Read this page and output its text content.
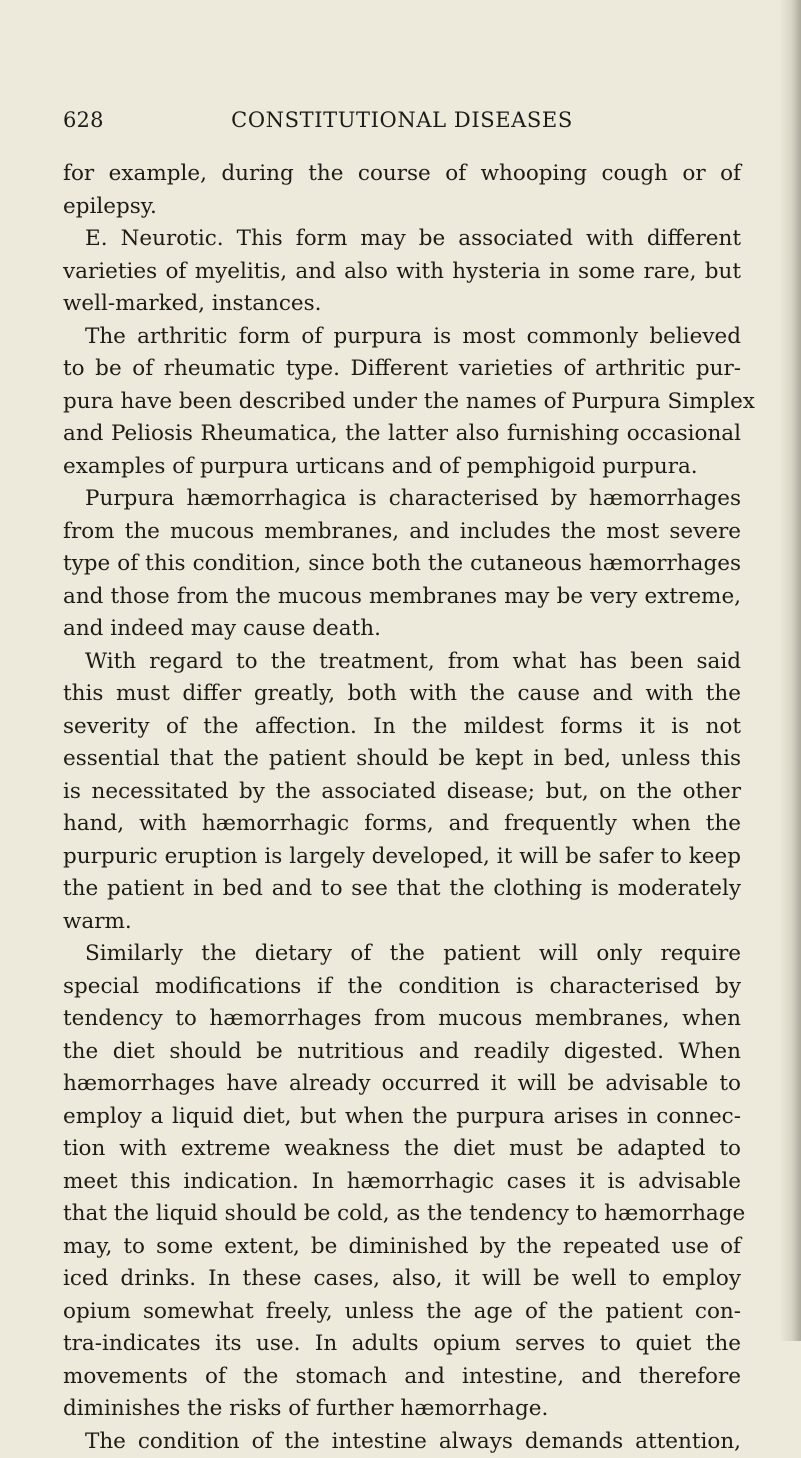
628	CONSTITUTIONAL DISEASES
for example, during the course of whooping cough or of
epilepsy.
E. Neurotic. This form may be associated with different
varieties of myelitis, and also with hysteria in some rare, but
well-marked, instances.
The arthritic form of purpura is most commonly believed
to be of rheumatic type. Different varieties of arthritic pur-
pura have been described under the names of Purpura Simplex
and Peliosis Rheumatica, the latter also furnishing occasional
examples of purpura urticans and of pemphigoid purpura.
Purpura hæmorrhagica is characterised by hæmorrhages
from the mucous membranes, and includes the most severe
type of this condition, since both the cutaneous hæmorrhages
and those from the mucous membranes may be very extreme,
and indeed may cause death.
With regard to the treatment, from what has been said
this must differ greatly, both with the cause and with the
severity of the affection. In the mildest forms it is not
essential that the patient should be kept in bed, unless this
is necessitated by the associated disease; but, on the other
hand, with hæmorrhagic forms, and frequently when the
purpuric eruption is largely developed, it will be safer to keep
the patient in bed and to see that the clothing is moderately
warm.
Similarly the dietary of the patient will only require
special modifications if the condition is characterised by
tendency to hæmorrhages from mucous membranes, when
the diet should be nutritious and readily digested. When
hæmorrhages have already occurred it will be advisable to
employ a liquid diet, but when the purpura arises in connec-
tion with extreme weakness the diet must be adapted to
meet this indication. In hæmorrhagic cases it is advisable
that the liquid should be cold, as the tendency to hæmorrhage
may, to some extent, be diminished by the repeated use of
iced drinks. In these cases, also, it will be well to employ
opium somewhat freely, unless the age of the patient con-
tra-indicates its use. In adults opium serves to quiet the
movements of the stomach and intestine, and therefore
diminishes the risks of further hæmorrhage.
The condition of the intestine always demands attention,
